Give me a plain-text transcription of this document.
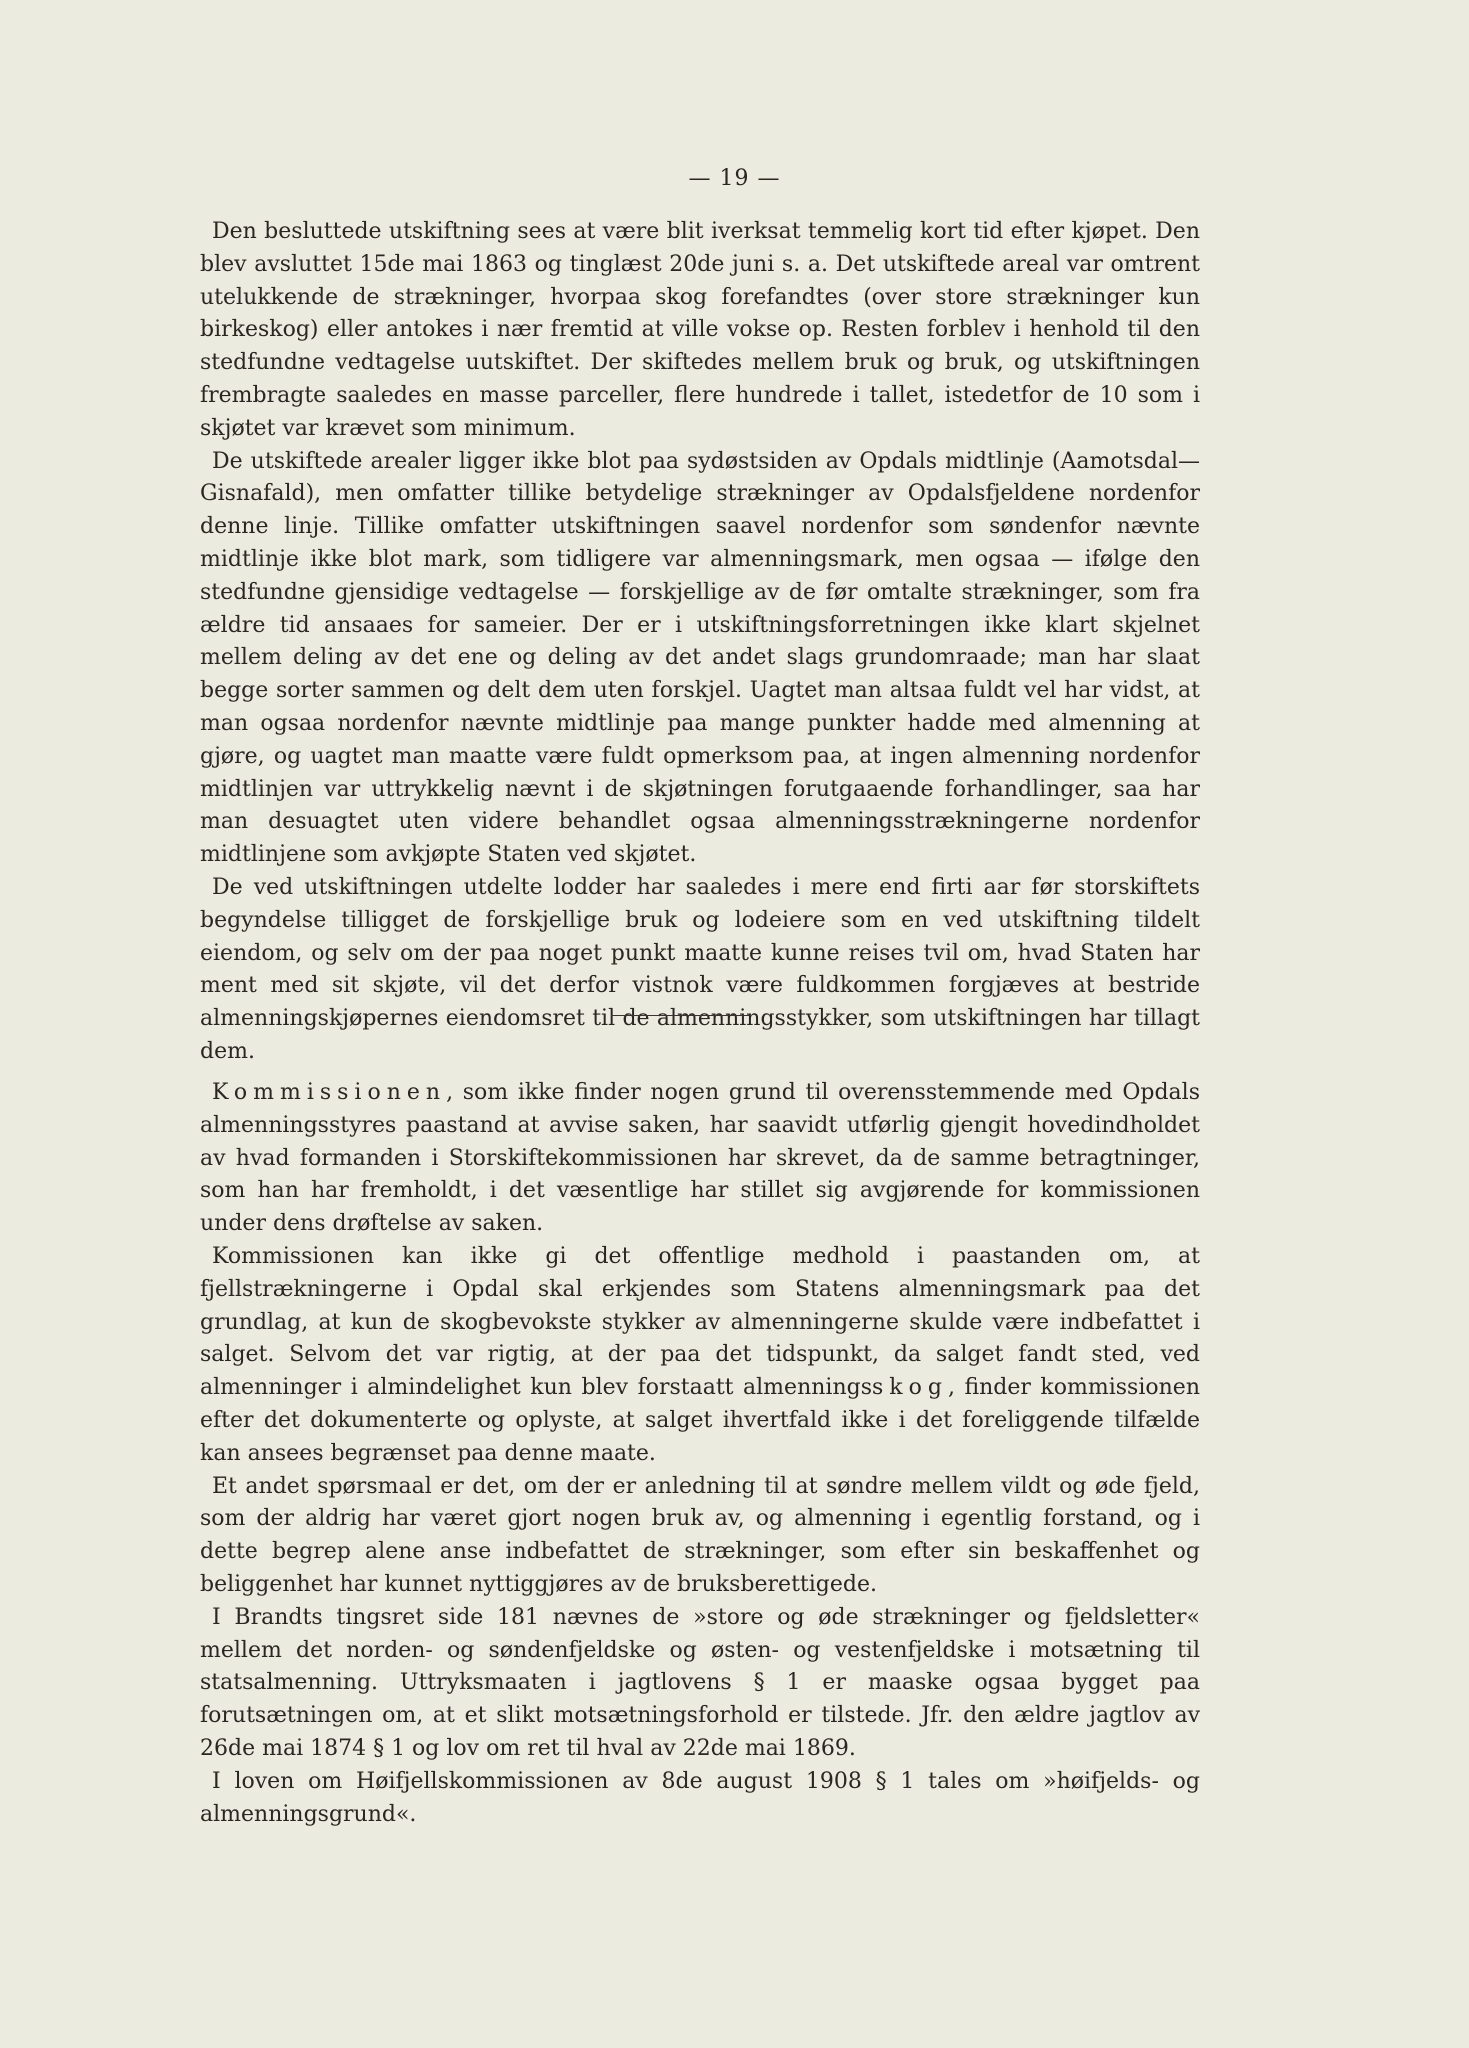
— 19 —

Den besluttede utskiftning sees at være blit iverksat temmelig kort tid efter kjøpet. Den blev avsluttet 15de mai 1863 og tinglæst 20de juni s. a. Det utskiftede areal var omtrent utelukkende de strækninger, hvorpaa skog forefandtes (over store strækninger kun birkeskog) eller antokes i nær fremtid at ville vokse op. Resten forblev i henhold til den stedfundne vedtagelse uutskiftet. Der skiftedes mellem bruk og bruk, og utskiftningen frembragte saaledes en masse parceller, flere hundrede i tallet, istedetfor de 10 som i skjøtet var krævet som minimum.

De utskiftede arealer ligger ikke blot paa sydøstsiden av Opdals midtlinje (Aamotsdal—Gisnafald), men omfatter tillike betydelige strækninger av Opdalsfjeldene nordenfor denne linje. Tillike omfatter utskiftningen saavel nordenfor som søndenfor nævnte midtlinje ikke blot mark, som tidligere var almenningsmark, men ogsaa — ifølge den stedfundne gjensidige vedtagelse — forskjellige av de før omtalte strækninger, som fra ældre tid ansaaes for sameier. Der er i utskiftningsforretningen ikke klart skjelnet mellem deling av det ene og deling av det andet slags grundomraade; man har slaat begge sorter sammen og delt dem uten forskjel. Uagtet man altsaa fuldt vel har vidst, at man ogsaa nordenfor nævnte midtlinje paa mange punkter hadde med almenning at gjøre, og uagtet man maatte være fuldt opmerksom paa, at ingen almenning nordenfor midtlinjen var uttrykkelig nævnt i de skjøtningen forutgaaende forhandlinger, saa har man desuagtet uten videre behandlet ogsaa almenningsstrækningerne nordenfor midtlinjene som avkjøpte Staten ved skjøtet.

De ved utskiftningen utdelte lodder har saaledes i mere end firti aar før storskiftets begyndelse tilligget de forskjellige bruk og lodeiere som en ved utskiftning tildelt eiendom, og selv om der paa noget punkt maatte kunne reises tvil om, hvad Staten har ment med sit skjøte, vil det derfor vistnok være fuldkommen forgjæves at bestride almenningskjøpernes eiendomsret til de almenningsstykker, som utskiftningen har tillagt dem.

Kommissionen, som ikke finder nogen grund til overensstemmende med Opdals almenningsstyres paastand at avvise saken, har saavidt utførlig gjengit hovedindholdet av hvad formanden i Storskiftekommissionen har skrevet, da de samme betragtninger, som han har fremholdt, i det væsentlige har stillet sig avgjørende for kommissionen under dens drøftelse av saken.

Kommissionen kan ikke gi det offentlige medhold i paastanden om, at fjellstrækningerne i Opdal skal erkjendes som Statens almenningsmark paa det grundlag, at kun de skogbevokste stykker av almenningerne skulde være indbefattet i salget. Selvom det var rigtig, at der paa det tidspunkt, da salget fandt sted, ved almenninger i almindelighet kun blev forstaatt almenningsskog, finder kommissionen efter det dokumenterte og oplyste, at salget ihvertfald ikke i det foreliggende tilfælde kan ansees begrænset paa denne maate.

Et andet spørsmaal er det, om der er anledning til at søndre mellem vildt og øde fjeld, som der aldrig har været gjort nogen bruk av, og almenning i egentlig forstand, og i dette begrep alene anse indbefattet de strækninger, som efter sin beskaffenhet og beliggenhet har kunnet nyttiggjøres av de bruksberettigede.

I Brandts tingsret side 181 nævnes de »store og øde strækninger og fjeldsletter« mellem det norden- og søndenfjeldske og østen- og vestenfjeldske i motsætning til statsalmenning. Uttryksmaaten i jagtlovens § 1 er maaske ogsaa bygget paa forutsætningen om, at et slikt motsætningsforhold er tilstede. Jfr. den ældre jagtlov av 26de mai 1874 § 1 og lov om ret til hval av 22de mai 1869.

I loven om Høifjellskommissionen av 8de august 1908 § 1 tales om »høifjelds- og almenningsgrund«.
